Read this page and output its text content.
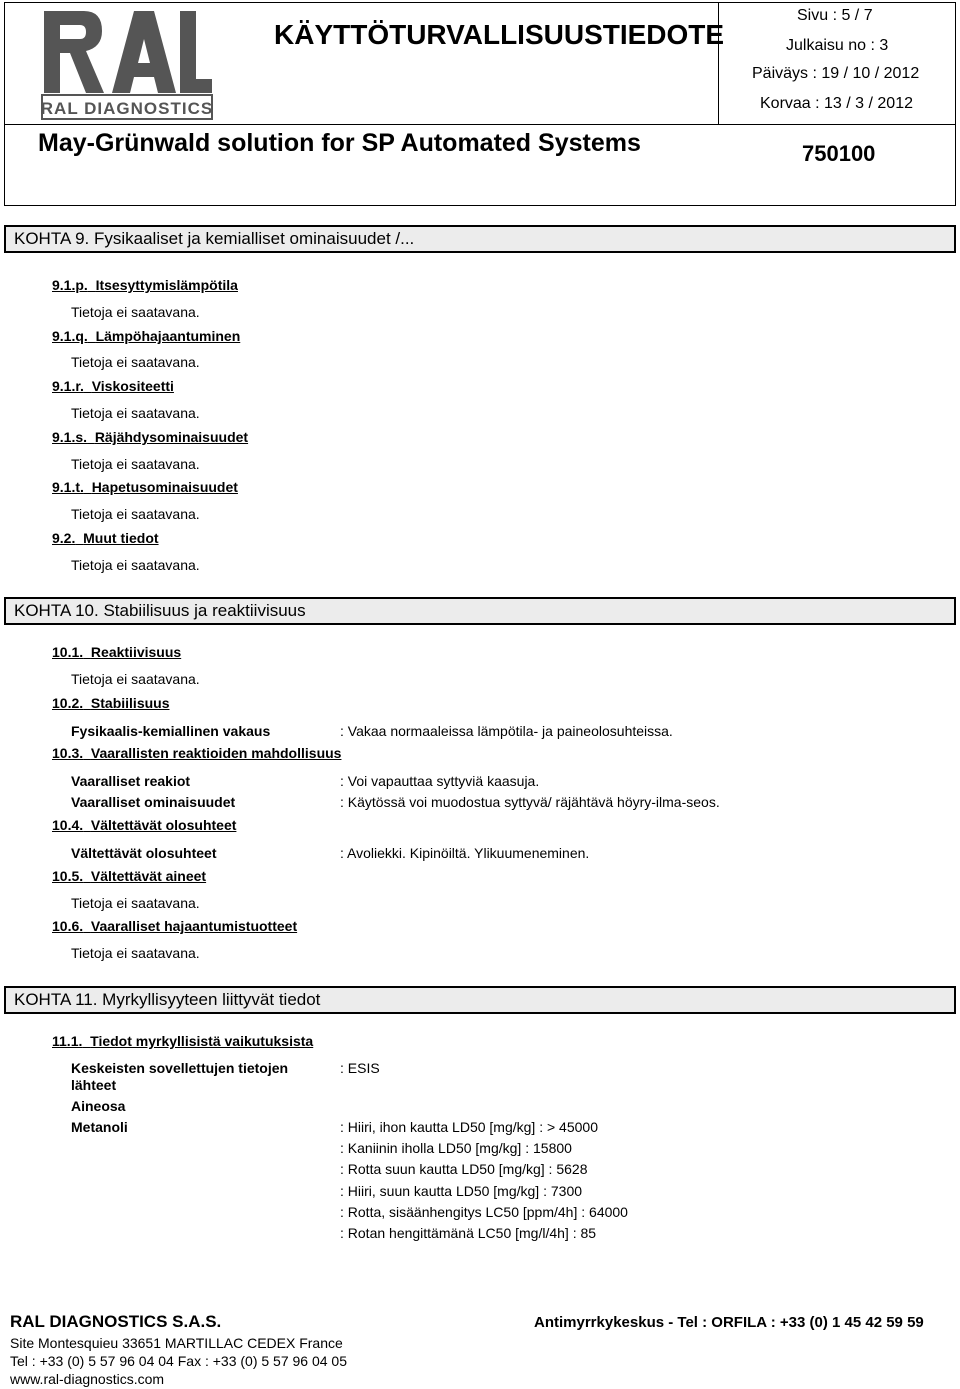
RAL DIAGNOSTICS
KÄYTTÖTURVALLISUUSTIEDOTE
Sivu : 5 / 7
Julkaisu no : 3
Päiväys : 19 / 10 / 2012
Korvaa : 13 / 3 / 2012
May-Grünwald solution for SP Automated Systems	750100
KOHTA 9. Fysikaaliset ja kemialliset ominaisuudet /...
9.1.p. Itsesyttymislämpötila
Tietoja ei saatavana.
9.1.q. Lämpöhajaantuminen
Tietoja ei saatavana.
9.1.r. Viskositeetti
Tietoja ei saatavana.
9.1.s. Räjähdysominaisuudet
Tietoja ei saatavana.
9.1.t. Hapetusominaisuudet
Tietoja ei saatavana.
9.2. Muut tiedot
Tietoja ei saatavana.
KOHTA 10. Stabiilisuus ja reaktiivisuus
10.1. Reaktiivisuus
Tietoja ei saatavana.
10.2. Stabiilisuus
Fysikaalis-kemiallinen vakaus	: Vakaa normaaleissa lämpötila- ja paineolosuhteissa.
10.3. Vaarallisten reaktioiden mahdollisuus
Vaaralliset reakiot	: Voi vapauttaa syttyviä kaasuja.
Vaaralliset ominaisuudet	: Käytössä voi muodostua syttyvä/ räjähtävä höyry-ilma-seos.
10.4. Vältettävät olosuhteet
Vältettävät olosuhteet	: Avoliekki. Kipinöiltä. Ylikuumeneminen.
10.5. Vältettävät aineet
Tietoja ei saatavana.
10.6. Vaaralliset hajaantumistuotteet
Tietoja ei saatavana.
KOHTA 11. Myrkyllisyyteen liittyvät tiedot
11.1. Tiedot myrkyllisistä vaikutuksista
Keskeisten sovellettujen tietojen
lähteet
: ESIS
Aineosa
Metanoli	: Hiiri, ihon kautta LD50 [mg/kg] : > 45000
: Kaniinin iholla LD50 [mg/kg] : 15800
: Rotta suun kautta LD50 [mg/kg] : 5628
: Hiiri, suun kautta LD50 [mg/kg] : 7300
: Rotta, sisäänhengitys LC50 [ppm/4h] : 64000
: Rotan hengittämänä LC50 [mg/l/4h] : 85
RAL DIAGNOSTICS S.A.S.
Site Montesquieu 33651 MARTILLAC CEDEX France
Tel : +33 (0) 5 57 96 04 04 Fax : +33 (0) 5 57 96 04 05
www.ral-diagnostics.com
Antimyrrkykeskus - Tel : ORFILA : +33 (0) 1 45 42 59 59
